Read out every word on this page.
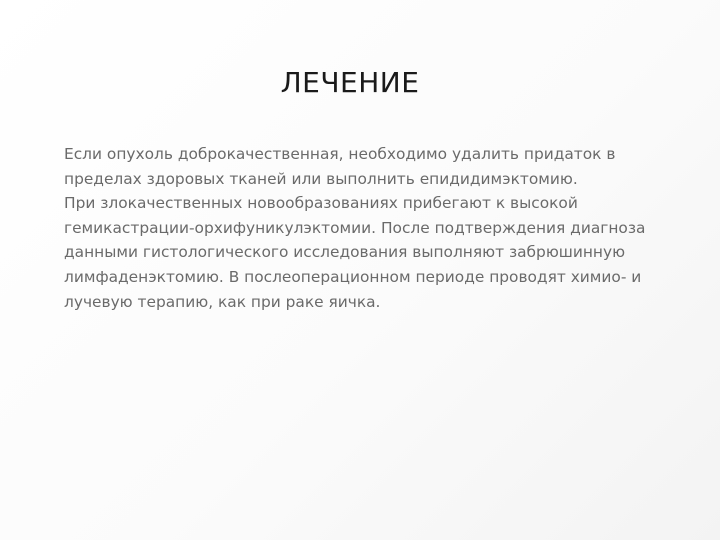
ЛЕЧЕНИЕ
Если опухоль доброкачественная, необходимо удалить придаток в пределах здоровых тканей или выполнить епидидимэктомию.
При злокачественных новообразованиях прибегают к высокой гемикастрации-орхифуникулэктомии. После подтверждения диагноза данными гистологического исследования выполняют забрюшинную лимфаденэктомию. В послеоперационном периоде проводят химио- и лучевую терапию, как при раке яичка.
